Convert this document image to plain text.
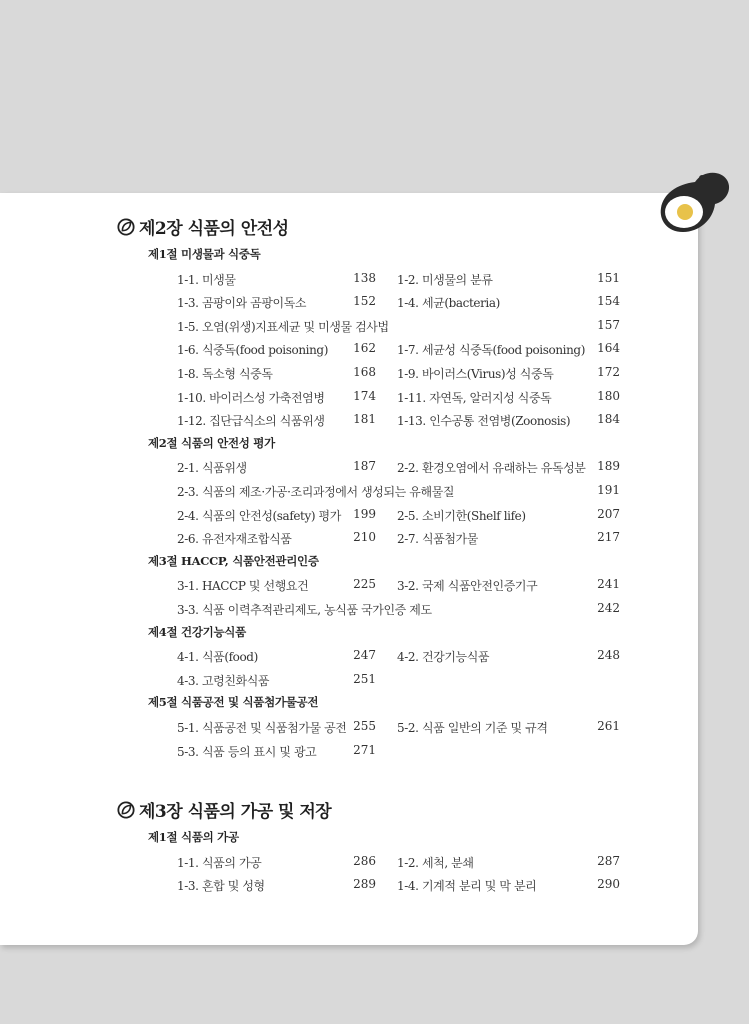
제2장 식품의 안전성
제1절 미생물과 식중독
1-1. 미생물	138 1-2. 미생물의 분류	151
1-3. 곰팡이와 곰팡이독소	152 1-4. 세균(bacteria)	154
1-5. 오염(위생)지표세균 및 미생물 검사법	157
1-6. 식중독(food poisoning)	162 1-7. 세균성 식중독(food poisoning)	164
1-8. 독소형 식중독	168 1-9. 바이러스(Virus)성 식중독	172
1-10. 바이러스성 가축전염병	174 1-11. 자연독, 알러지성 식중독	180
1-12. 집단급식소의 식품위생	181 1-13. 인수공통 전염병(Zoonosis)	184
제2절 식품의 안전성 평가
2-1. 식품위생	187 2-2. 환경오염에서 유래하는 유독성분 189
2-3. 식품의 제조·가공·조리과정에서 생성되는 유해물질	191
2-4. 식품의 안전성(safety) 평가	199 2-5. 소비기한(Shelf life)	207
2-6. 유전자재조합식품	210 2-7. 식품첨가물	217
제3절 HACCP, 식품안전관리인증
3-1. HACCP 및 선행요건	225 3-2. 국제 식품안전인증기구	241
3-3. 식품 이력추적관리제도, 농식품 국가인증 제도	242
제4절 건강기능식품
4-1. 식품(food)	247 4-2. 건강기능식품	248
4-3. 고령친화식품	251
제5절 식품공전 및 식품첨가물공전
5-1. 식품공전 및 식품첨가물 공전 255 5-2. 식품 일반의 기준 및 규격	261
5-3. 식품 등의 표시 및 광고	271
제3장 식품의 가공 및 저장
제1절 식품의 가공
1-1. 식품의 가공	286 1-2. 세척, 분쇄	287
1-3. 혼합 및 성형	289 1-4. 기계적 분리 및 막 분리	290
